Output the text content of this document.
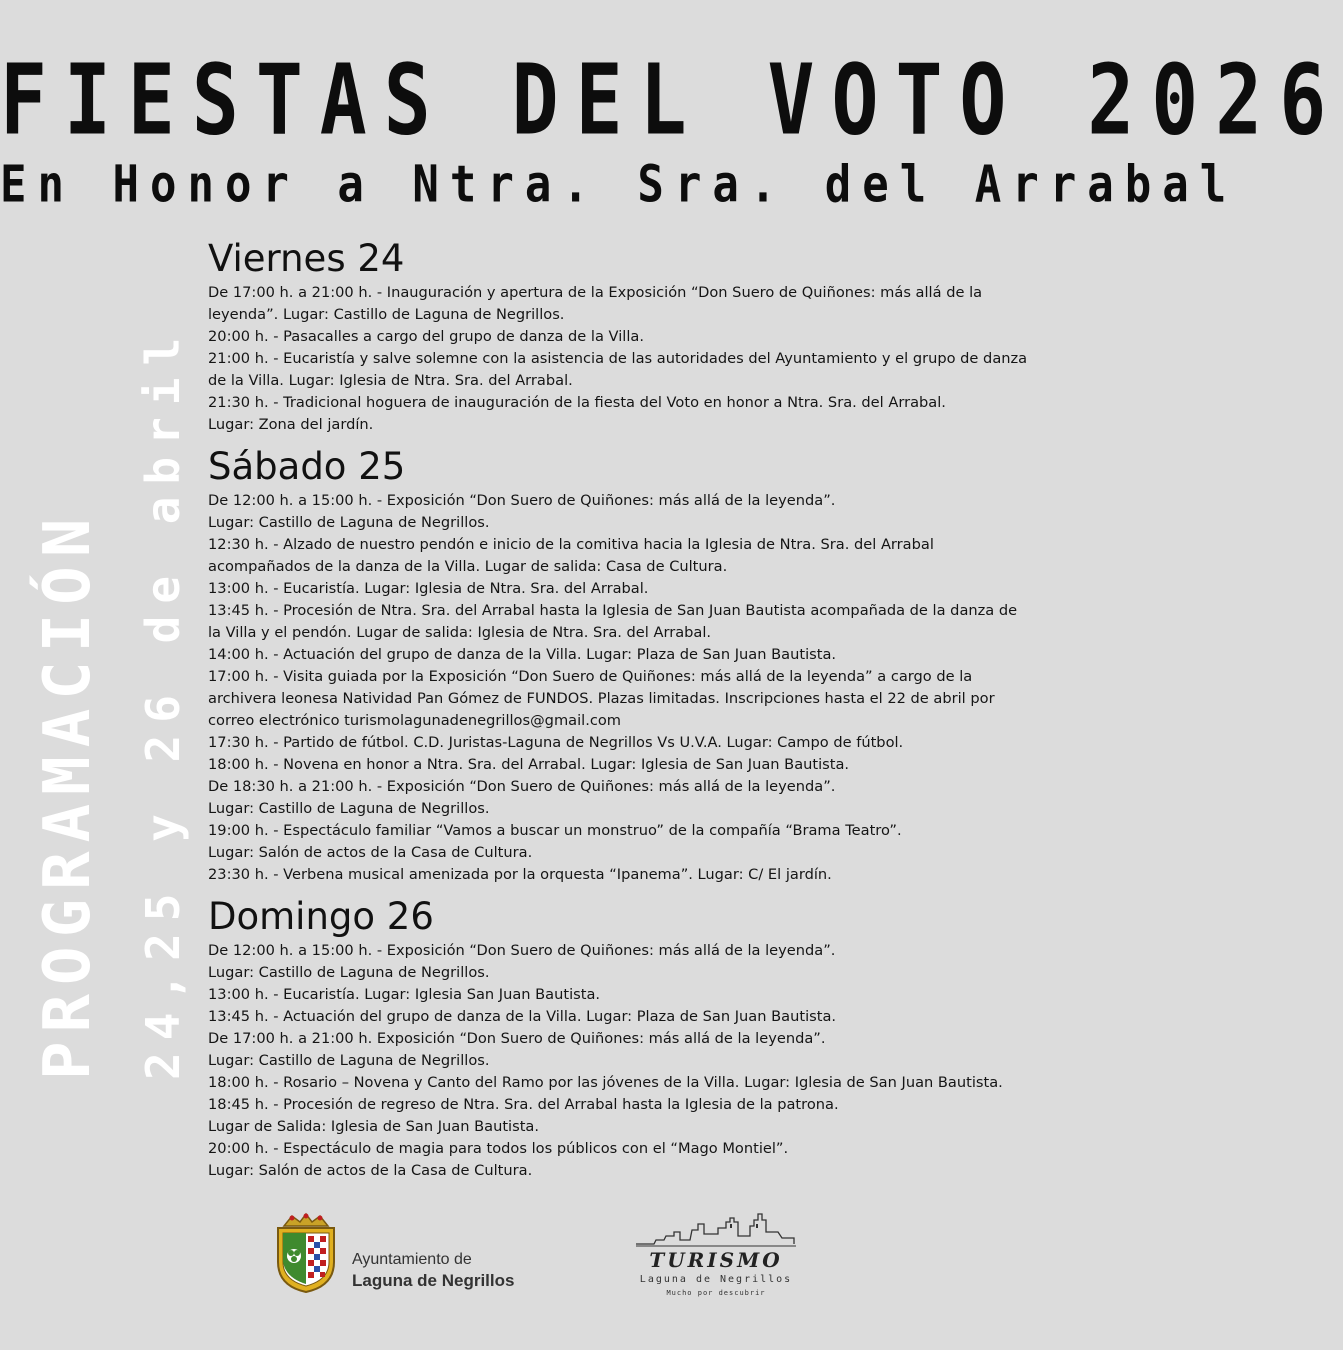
FIESTAS DEL VOTO 2026
En Honor a Ntra. Sra. del Arrabal
PROGRAMACIÓN 24,25 y 26 de abril
Viernes 24
De 17:00 h. a 21:00 h. - Inauguración y apertura de la Exposición “Don Suero de Quiñones: más allá de la
leyenda”. Lugar: Castillo de Laguna de Negrillos.
20:00 h. - Pasacalles a cargo del grupo de danza de la Villa.
21:00 h. - Eucaristía y salve solemne con la asistencia de las autoridades del Ayuntamiento y el grupo de danza
de la Villa. Lugar: Iglesia de Ntra. Sra. del Arrabal.
21:30 h. - Tradicional hoguera de inauguración de la fiesta del Voto en honor a Ntra. Sra. del Arrabal.
Lugar: Zona del jardín.
Sábado 25
De 12:00 h. a 15:00 h. - Exposición “Don Suero de Quiñones: más allá de la leyenda”.
Lugar: Castillo de Laguna de Negrillos.
12:30 h. - Alzado de nuestro pendón e inicio de la comitiva hacia la Iglesia de Ntra. Sra. del Arrabal
acompañados de la danza de la Villa. Lugar de salida: Casa de Cultura.
13:00 h. - Eucaristía. Lugar: Iglesia de Ntra. Sra. del Arrabal.
13:45 h. - Procesión de Ntra. Sra. del Arrabal hasta la Iglesia de San Juan Bautista acompañada de la danza de
la Villa y el pendón. Lugar de salida: Iglesia de Ntra. Sra. del Arrabal.
14:00 h. - Actuación del grupo de danza de la Villa. Lugar: Plaza de San Juan Bautista.
17:00 h. - Visita guiada por la Exposición “Don Suero de Quiñones: más allá de la leyenda” a cargo de la
archivera leonesa Natividad Pan Gómez de FUNDOS. Plazas limitadas. Inscripciones hasta el 22 de abril por
correo electrónico turismolagunadenegrillos@gmail.com
17:30 h. - Partido de fútbol. C.D. Juristas-Laguna de Negrillos Vs U.V.A. Lugar: Campo de fútbol.
18:00 h. - Novena en honor a Ntra. Sra. del Arrabal. Lugar: Iglesia de San Juan Bautista.
De 18:30 h. a 21:00 h. - Exposición “Don Suero de Quiñones: más allá de la leyenda”.
Lugar: Castillo de Laguna de Negrillos.
19:00 h. - Espectáculo familiar “Vamos a buscar un monstruo” de la compañía “Brama Teatro”.
Lugar: Salón de actos de la Casa de Cultura.
23:30 h. - Verbena musical amenizada por la orquesta “Ipanema”. Lugar: C/ El jardín.
Domingo 26
De 12:00 h. a 15:00 h. - Exposición “Don Suero de Quiñones: más allá de la leyenda”.
Lugar: Castillo de Laguna de Negrillos.
13:00 h. - Eucaristía. Lugar: Iglesia San Juan Bautista.
13:45 h. - Actuación del grupo de danza de la Villa. Lugar: Plaza de San Juan Bautista.
De 17:00 h. a 21:00 h. Exposición “Don Suero de Quiñones: más allá de la leyenda”.
Lugar: Castillo de Laguna de Negrillos.
18:00 h. - Rosario – Novena y Canto del Ramo por las jóvenes de la Villa. Lugar: Iglesia de San Juan Bautista.
18:45 h. - Procesión de regreso de Ntra. Sra. del Arrabal hasta la Iglesia de la patrona.
Lugar de Salida: Iglesia de San Juan Bautista.
20:00 h. - Espectáculo de magia para todos los públicos con el “Mago Montiel”.
Lugar: Salón de actos de la Casa de Cultura.
Ayuntamiento de
Laguna de Negrillos
TURISMO
Laguna de Negrillos
Mucho por descubrir
